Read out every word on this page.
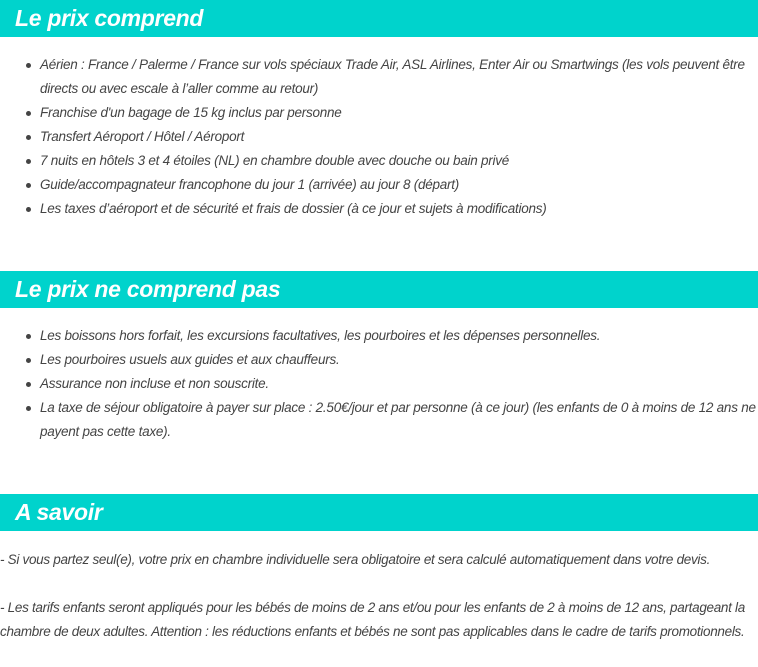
Le prix comprend
Aérien : France / Palerme / France sur vols spéciaux Trade Air, ASL Airlines, Enter Air ou Smartwings (les vols peuvent être directs ou avec escale à l’aller comme au retour)
Franchise d'un bagage de 15 kg inclus par personne
Transfert Aéroport / Hôtel / Aéroport
7 nuits en hôtels 3 et 4 étoiles (NL) en chambre double avec douche ou bain privé
Guide/accompagnateur francophone du jour 1 (arrivée) au jour 8 (départ)
Les taxes d’aéroport et de sécurité et frais de dossier (à ce jour et sujets à modifications)
Le prix ne comprend pas
Les boissons hors forfait, les excursions facultatives, les pourboires et les dépenses personnelles.
Les pourboires usuels aux guides et aux chauffeurs.
Assurance non incluse et non souscrite.
La taxe de séjour obligatoire à payer sur place : 2.50€/jour et par personne (à ce jour) (les enfants de 0 à moins de 12 ans ne payent pas cette taxe).
A savoir

- Si vous partez seul(e), votre prix en chambre individuelle sera obligatoire et sera calculé automatiquement dans votre devis.

- Les tarifs enfants seront appliqués pour les bébés de moins de 2 ans et/ou pour les enfants de 2 à moins de 12 ans, partageant la chambre de deux adultes. Attention : les réductions enfants et bébés ne sont pas applicables dans le cadre de tarifs promotionnels.
